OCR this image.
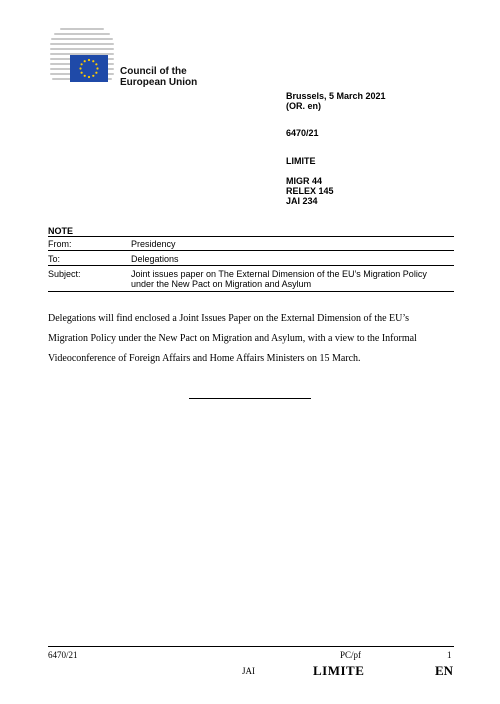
Council of the
European Union
Brussels, 5 March 2021
(OR. en)
6470/21
LIMITE
MIGR 44
RELEX 145
JAI 234
NOTE
From:	Presidency
To:	Delegations
Subject:	Joint issues paper on The External Dimension of the EU’s Migration Policy
under the New Pact on Migration and Asylum
Delegations will find enclosed a Joint Issues Paper on the External Dimension of the EU’s
Migration Policy under the New Pact on Migration and Asylum, with a view to the Informal
Videoconference of Foreign Affairs and Home Affairs Ministers on 15 March.
6470/21	PC/pf	1
JAI	LIMITE	EN
